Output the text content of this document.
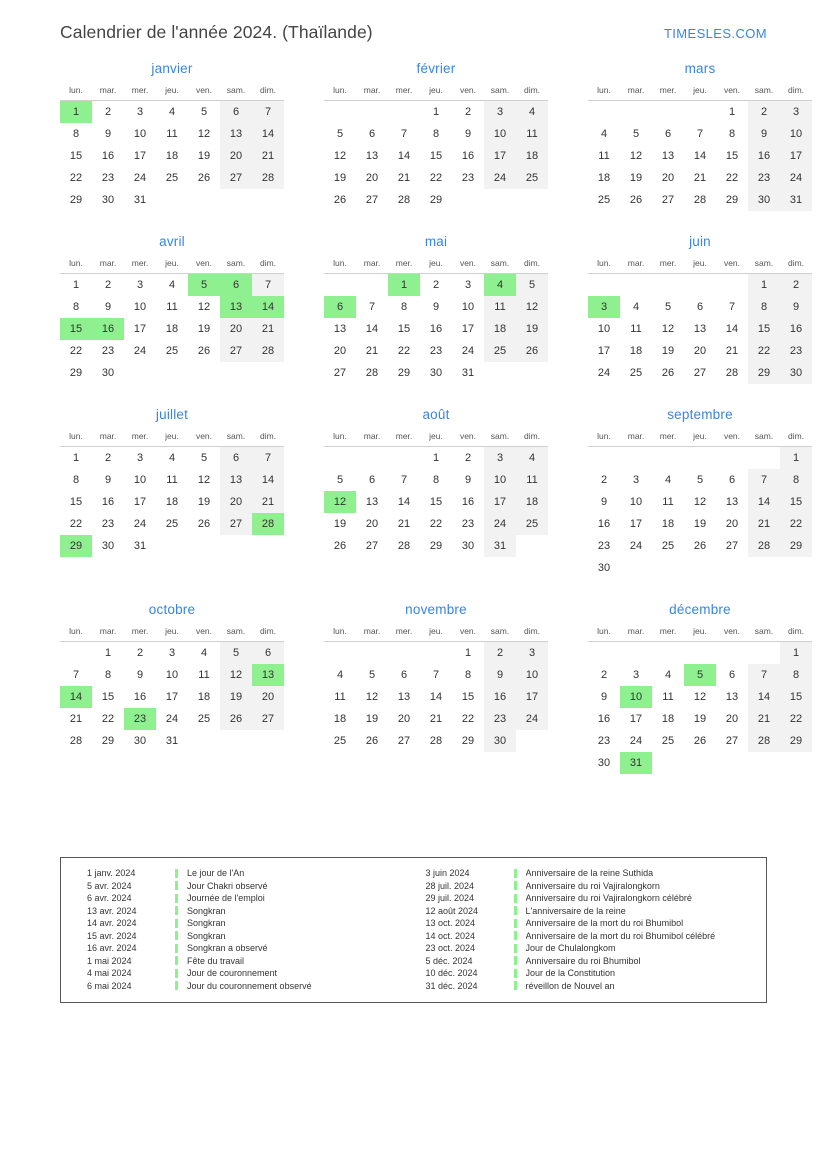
Calendrier de l'année 2024. (Thaïlande)	TIMESLES.COM
janvier
lun.	mar.	mer.	jeu.	ven.	sam.	dim.
1	2	3	4	5	6	7
8	9	10	11	12	13	14
15	16	17	18	19	20	21
22	23	24	25	26	27	28
29	30	31				
février
lun.	mar.	mer.	jeu.	ven.	sam.	dim.
			1	2	3	4
5	6	7	8	9	10	11
12	13	14	15	16	17	18
19	20	21	22	23	24	25
26	27	28	29			
mars
lun.	mar.	mer.	jeu.	ven.	sam.	dim.
				1	2	3
4	5	6	7	8	9	10
11	12	13	14	15	16	17
18	19	20	21	22	23	24
25	26	27	28	29	30	31
avril
lun.	mar.	mer.	jeu.	ven.	sam.	dim.
1	2	3	4	5	6	7
8	9	10	11	12	13	14
15	16	17	18	19	20	21
22	23	24	25	26	27	28
29	30					
mai
lun.	mar.	mer.	jeu.	ven.	sam.	dim.
		1	2	3	4	5
6	7	8	9	10	11	12
13	14	15	16	17	18	19
20	21	22	23	24	25	26
27	28	29	30	31		
juin
lun.	mar.	mer.	jeu.	ven.	sam.	dim.
					1	2
3	4	5	6	7	8	9
10	11	12	13	14	15	16
17	18	19	20	21	22	23
24	25	26	27	28	29	30
juillet
lun.	mar.	mer.	jeu.	ven.	sam.	dim.
1	2	3	4	5	6	7
8	9	10	11	12	13	14
15	16	17	18	19	20	21
22	23	24	25	26	27	28
29	30	31				
août
lun.	mar.	mer.	jeu.	ven.	sam.	dim.
			1	2	3	4
5	6	7	8	9	10	11
12	13	14	15	16	17	18
19	20	21	22	23	24	25
26	27	28	29	30	31	
septembre
lun.	mar.	mer.	jeu.	ven.	sam.	dim.
						1
2	3	4	5	6	7	8
9	10	11	12	13	14	15
16	17	18	19	20	21	22
23	24	25	26	27	28	29
30						
octobre
lun.	mar.	mer.	jeu.	ven.	sam.	dim.
	1	2	3	4	5	6
7	8	9	10	11	12	13
14	15	16	17	18	19	20
21	22	23	24	25	26	27
28	29	30	31			
novembre
lun.	mar.	mer.	jeu.	ven.	sam.	dim.
				1	2	3
4	5	6	7	8	9	10
11	12	13	14	15	16	17
18	19	20	21	22	23	24
25	26	27	28	29	30	
décembre
lun.	mar.	mer.	jeu.	ven.	sam.	dim.
						1
2	3	4	5	6	7	8
9	10	11	12	13	14	15
16	17	18	19	20	21	22
23	24	25	26	27	28	29
30	31					
1 janv. 2024	Le jour de l'An
5 avr. 2024	Jour Chakri observé
6 avr. 2024	Journée de l'emploi
13 avr. 2024	Songkran
14 avr. 2024	Songkran
15 avr. 2024	Songkran
16 avr. 2024	Songkran a observé
1 mai 2024	Fête du travail
4 mai 2024	Jour de couronnement
6 mai 2024	Jour du couronnement observé
3 juin 2024	Anniversaire de la reine Suthida
28 juil. 2024	Anniversaire du roi Vajiralongkorn
29 juil. 2024	Anniversaire du roi Vajiralongkorn célébré
12 août 2024	L'anniversaire de la reine
13 oct. 2024	Anniversaire de la mort du roi Bhumibol
14 oct. 2024	Anniversaire de la mort du roi Bhumibol célébré
23 oct. 2024	Jour de Chulalongkom
5 déc. 2024	Anniversaire du roi Bhumibol
10 déc. 2024	Jour de la Constitution
31 déc. 2024	réveillon de Nouvel an
